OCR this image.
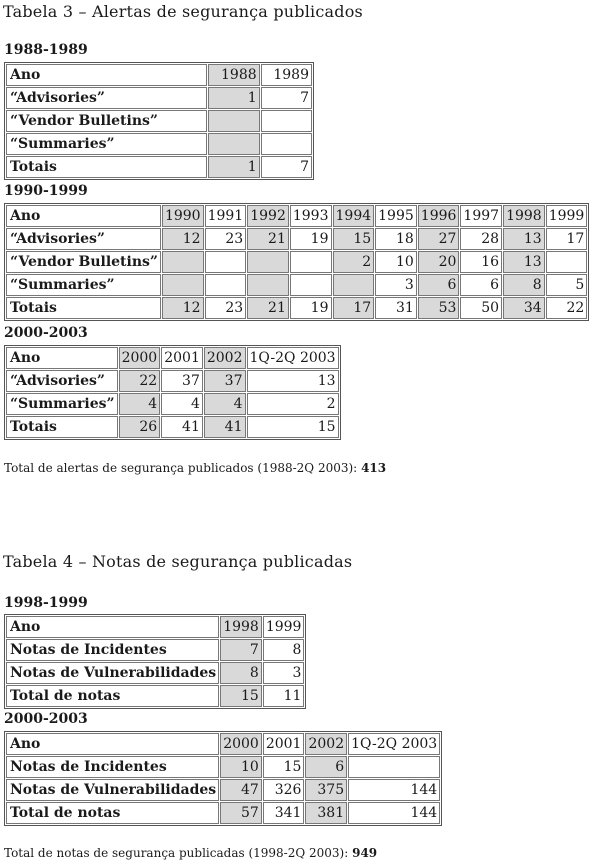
Tabela 3 – Alertas de segurança publicados
1988-1989
Ano	1988	1989
“Advisories”	1	7
“Vendor Bulletins”		
“Summaries”		
Totais	1	7
1990-1999
Ano	1990	1991	1992	1993	1994	1995	1996	1997	1998	1999
“Advisories”	12	23	21	19	15	18	27	28	13	17
“Vendor Bulletins”					2	10	20	16	13	
“Summaries”						3	6	6	8	5
Totais	12	23	21	19	17	31	53	50	34	22
2000-2003
Ano	2000	2001	2002	1Q-2Q 2003
“Advisories”	22	37	37	13
“Summaries”	4	4	4	2
Totais	26	41	41	15
Total de alertas de segurança publicados (1988-2Q 2003): 413
Tabela 4 – Notas de segurança publicadas
1998-1999
Ano	1998	1999
Notas de Incidentes	7	8
Notas de Vulnerabilidades	8	3
Total de notas	15	11
2000-2003
Ano	2000	2001	2002	1Q-2Q 2003
Notas de Incidentes	10	15	6	
Notas de Vulnerabilidades	47	326	375	144
Total de notas	57	341	381	144
Total de notas de segurança publicadas (1998-2Q 2003): 949
